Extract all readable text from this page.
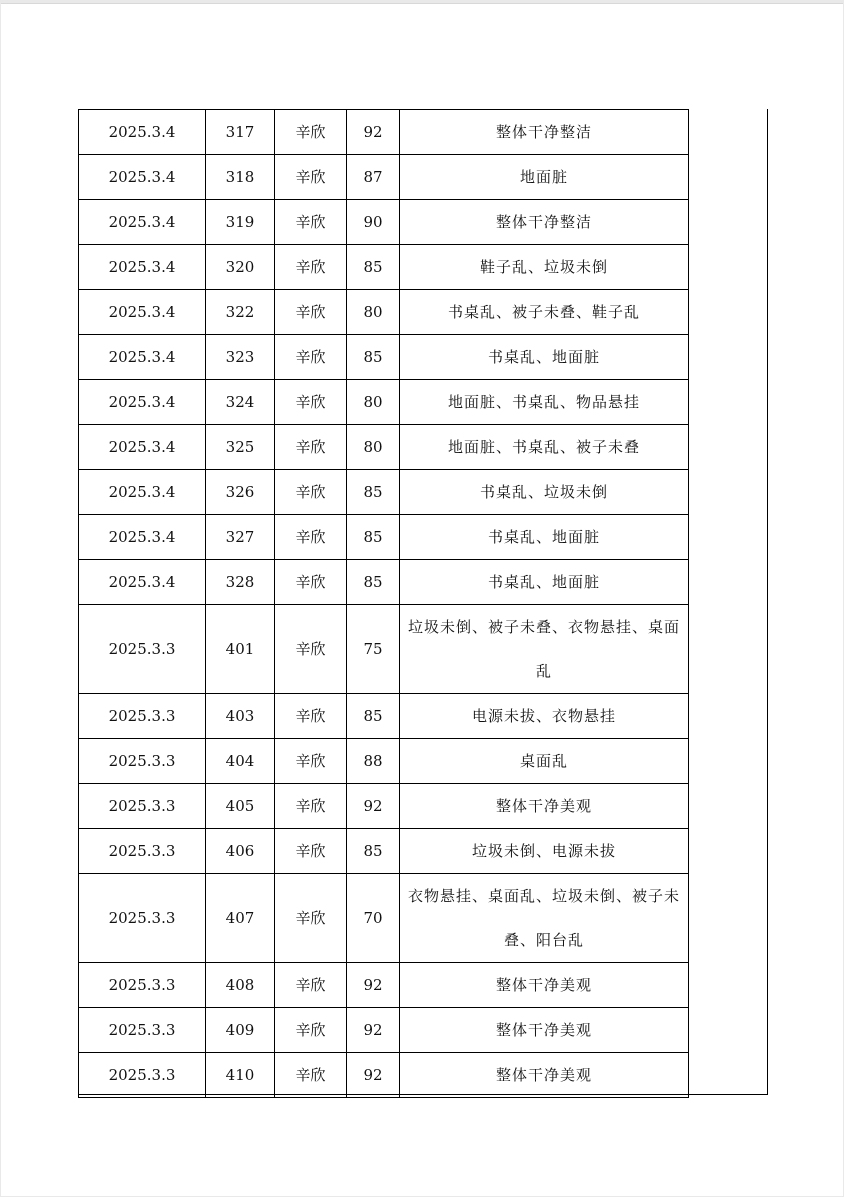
2025.3.4	317	辛欣	92	整体干净整洁
2025.3.4	318	辛欣	87	地面脏
2025.3.4	319	辛欣	90	整体干净整洁
2025.3.4	320	辛欣	85	鞋子乱、垃圾未倒
2025.3.4	322	辛欣	80	书桌乱、被子未叠、鞋子乱
2025.3.4	323	辛欣	85	书桌乱、地面脏
2025.3.4	324	辛欣	80	地面脏、书桌乱、物品悬挂
2025.3.4	325	辛欣	80	地面脏、书桌乱、被子未叠
2025.3.4	326	辛欣	85	书桌乱、垃圾未倒
2025.3.4	327	辛欣	85	书桌乱、地面脏
2025.3.4	328	辛欣	85	书桌乱、地面脏
2025.3.3	401	辛欣	75	垃圾未倒、被子未叠、衣物悬挂、桌面乱
2025.3.3	403	辛欣	85	电源未拔、衣物悬挂
2025.3.3	404	辛欣	88	桌面乱
2025.3.3	405	辛欣	92	整体干净美观
2025.3.3	406	辛欣	85	垃圾未倒、电源未拔
2025.3.3	407	辛欣	70	衣物悬挂、桌面乱、垃圾未倒、被子未叠、阳台乱
2025.3.3	408	辛欣	92	整体干净美观
2025.3.3	409	辛欣	92	整体干净美观
2025.3.3	410	辛欣	92	整体干净美观
